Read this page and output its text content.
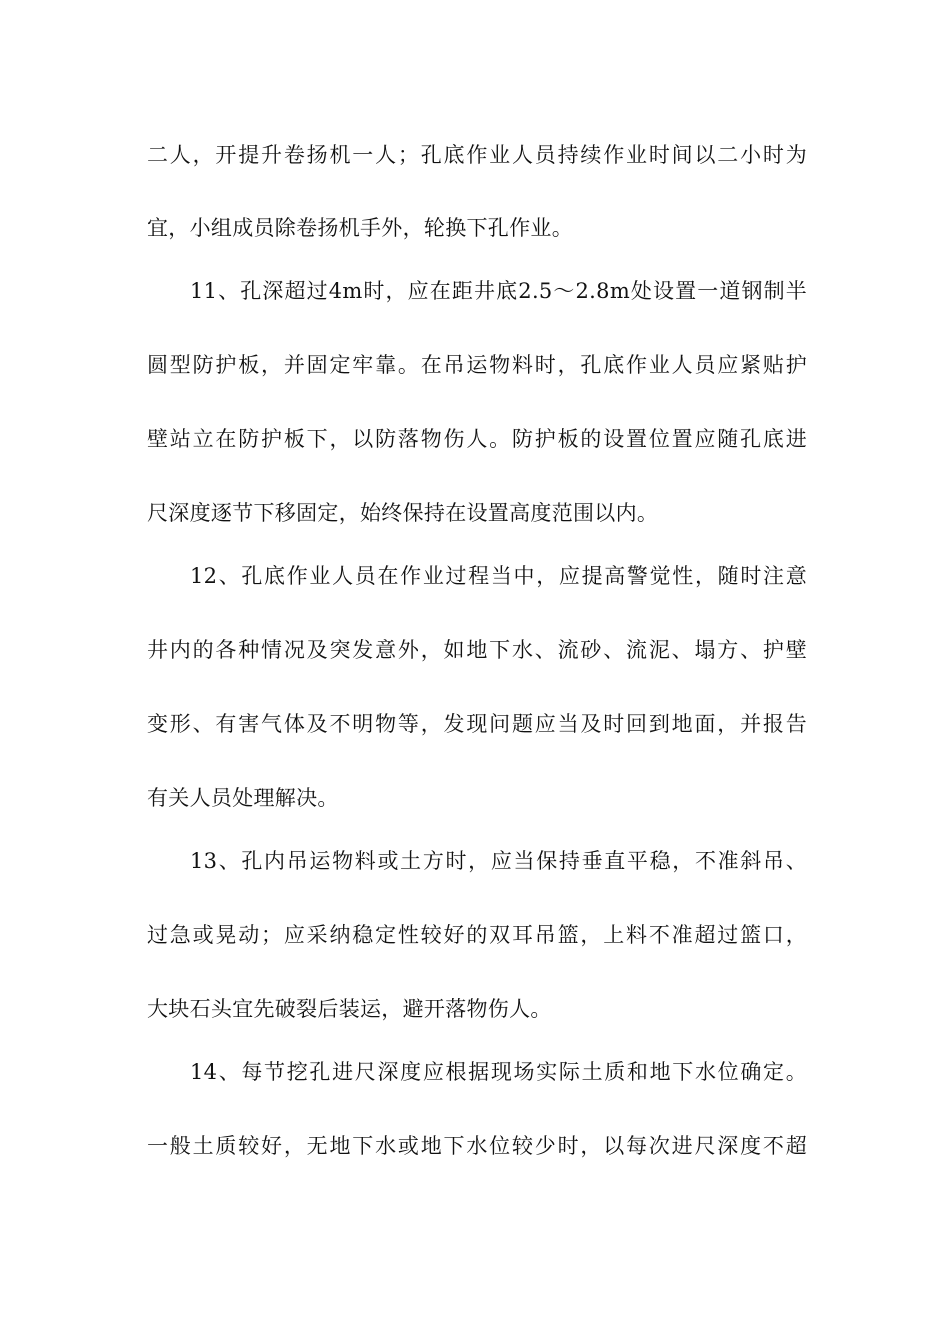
二人，开提升卷扬机一人；孔底作业人员持续作业时间以二小时为
宜，小组成员除卷扬机手外，轮换下孔作业。
11、孔深超过4m时，应在距井底2.5～2.8m处设置一道钢制半
圆型防护板，并固定牢靠。在吊运物料时，孔底作业人员应紧贴护
壁站立在防护板下，以防落物伤人。防护板的设置位置应随孔底进
尺深度逐节下移固定，始终保持在设置高度范围以内。
12、孔底作业人员在作业过程当中，应提高警觉性，随时注意
井内的各种情况及突发意外，如地下水、流砂、流泥、塌方、护壁
变形、有害气体及不明物等，发现问题应当及时回到地面，并报告
有关人员处理解决。
13、孔内吊运物料或土方时，应当保持垂直平稳，不准斜吊、
过急或晃动；应采纳稳定性较好的双耳吊篮，上料不准超过篮口，
大块石头宜先破裂后装运，避开落物伤人。
14、每节挖孔进尺深度应根据现场实际土质和地下水位确定。
一般土质较好，无地下水或地下水位较少时，以每次进尺深度不超
